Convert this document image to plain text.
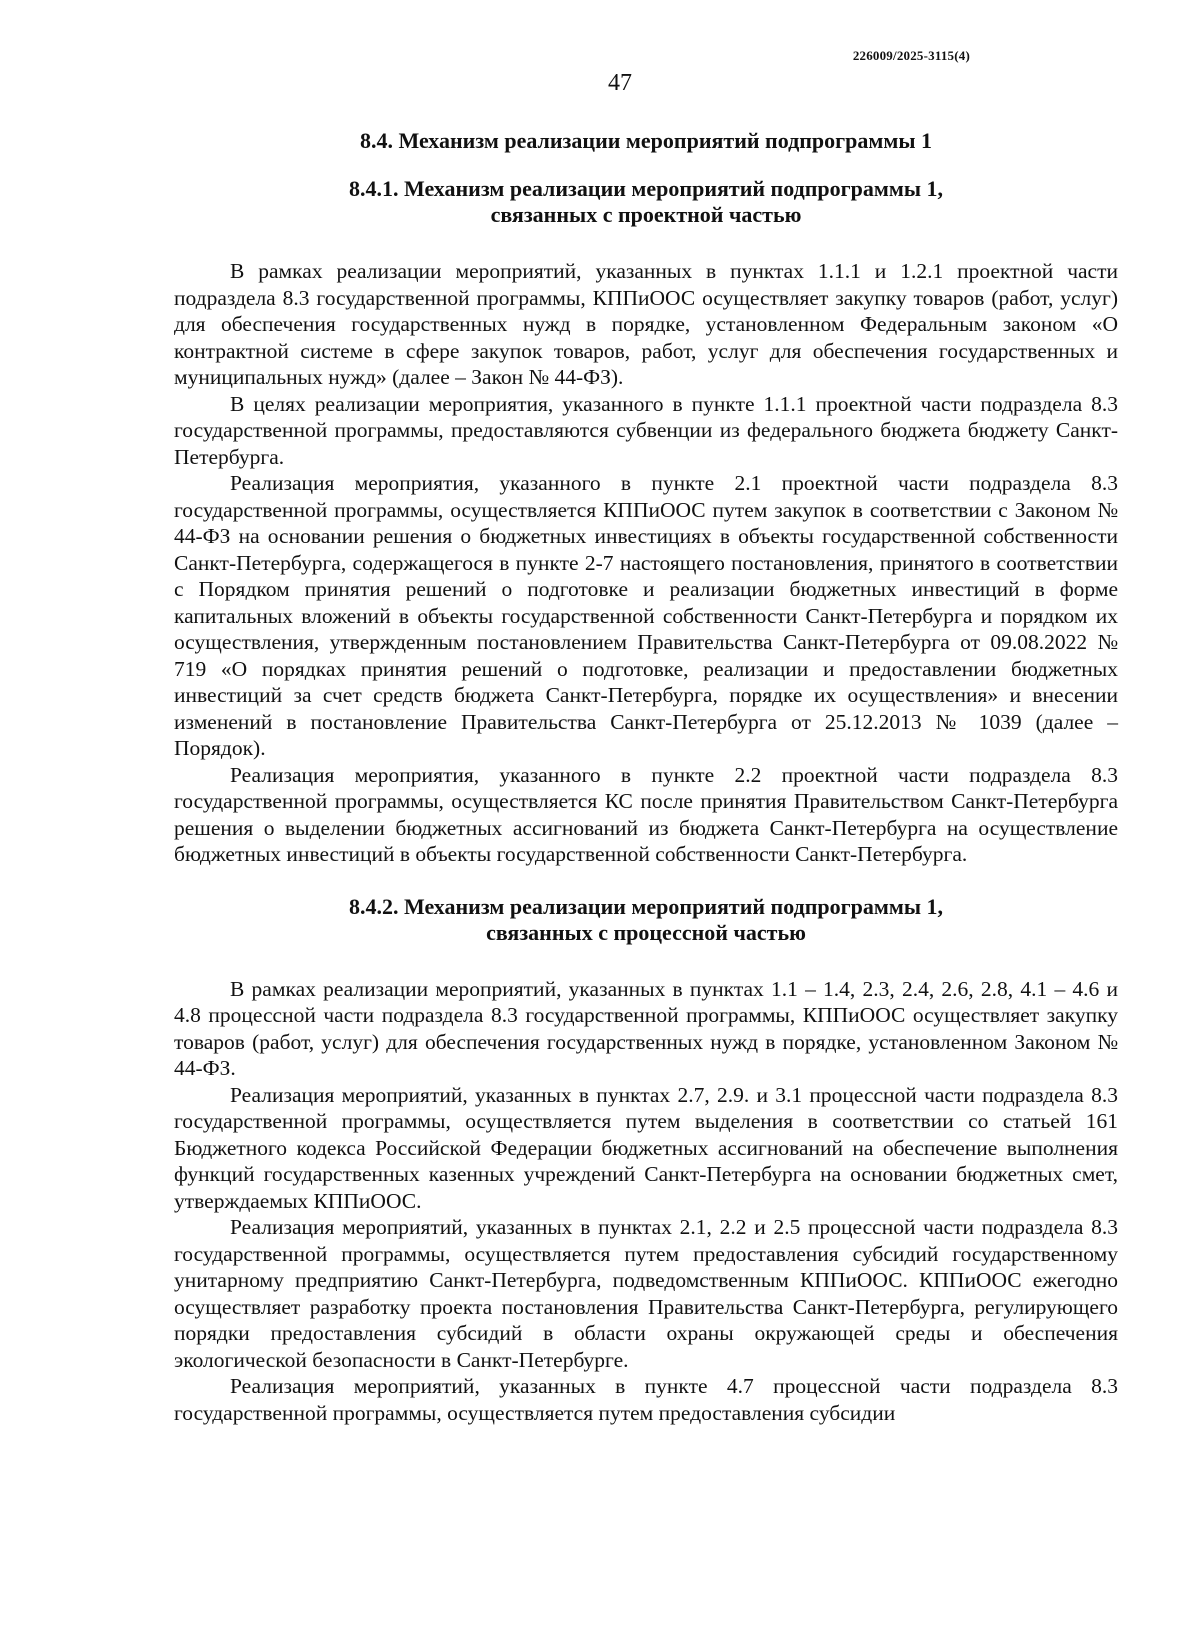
226009/2025-3115(4)
47
8.4. Механизм реализации мероприятий подпрограммы 1
8.4.1. Механизм реализации мероприятий подпрограммы 1,
связанных с проектной частью

В рамках реализации мероприятий, указанных в пунктах 1.1.1 и 1.2.1 проектной части подраздела 8.3 государственной программы, КППиООС осуществляет закупку товаров (работ, услуг) для обеспечения государственных нужд в порядке, установленном Федеральным законом «О контрактной системе в сфере закупок товаров, работ, услуг для обеспечения государственных и муниципальных нужд» (далее – Закон № 44-ФЗ).

В целях реализации мероприятия, указанного в пункте 1.1.1 проектной части подраздела 8.3 государственной программы, предоставляются субвенции из федерального бюджета бюджету Санкт-Петербурга.

Реализация мероприятия, указанного в пункте 2.1 проектной части подраздела 8.3 государственной программы, осуществляется КППиООС путем закупок в соответствии с Законом № 44-ФЗ на основании решения о бюджетных инвестициях в объекты государственной собственности Санкт-Петербурга, содержащегося в пункте 2-7 настоящего постановления, принятого в соответствии с Порядком принятия решений о подготовке и реализации бюджетных инвестиций в форме капитальных вложений в объекты государственной собственности Санкт-Петербурга и порядком их осуществления, утвержденным постановлением Правительства Санкт-Петербурга от 09.08.2022 № 719 «О порядках принятия решений о подготовке, реализации и предоставлении бюджетных инвестиций за счет средств бюджета Санкт-Петербурга, порядке их осуществления» и внесении изменений в постановление Правительства Санкт-Петербурга от 25.12.2013 № 1039 (далее – Порядок).

Реализация мероприятия, указанного в пункте 2.2 проектной части подраздела 8.3 государственной программы, осуществляется КС после принятия Правительством Санкт-Петербурга решения о выделении бюджетных ассигнований из бюджета Санкт-Петербурга на осуществление бюджетных инвестиций в объекты государственной собственности Санкт-Петербурга.

8.4.2. Механизм реализации мероприятий подпрограммы 1,
связанных с процессной частью

В рамках реализации мероприятий, указанных в пунктах 1.1 – 1.4, 2.3, 2.4, 2.6, 2.8, 4.1 – 4.6 и 4.8 процессной части подраздела 8.3 государственной программы, КППиООС осуществляет закупку товаров (работ, услуг) для обеспечения государственных нужд в порядке, установленном Законом № 44-ФЗ.

Реализация мероприятий, указанных в пунктах 2.7, 2.9. и 3.1 процессной части подраздела 8.3 государственной программы, осуществляется путем выделения в соответствии со статьей 161 Бюджетного кодекса Российской Федерации бюджетных ассигнований на обеспечение выполнения функций государственных казенных учреждений Санкт-Петербурга на основании бюджетных смет, утверждаемых КППиООС.

Реализация мероприятий, указанных в пунктах 2.1, 2.2 и 2.5 процессной части подраздела 8.3 государственной программы, осуществляется путем предоставления субсидий государственному унитарному предприятию Санкт-Петербурга, подведомственным КППиООС. КППиООС ежегодно осуществляет разработку проекта постановления Правительства Санкт-Петербурга, регулирующего порядки предоставления субсидий в области охраны окружающей среды и обеспечения экологической безопасности в Санкт-Петербурге.

Реализация мероприятий, указанных в пункте 4.7 процессной части подраздела 8.3 государственной программы, осуществляется путем предоставления субсидии
